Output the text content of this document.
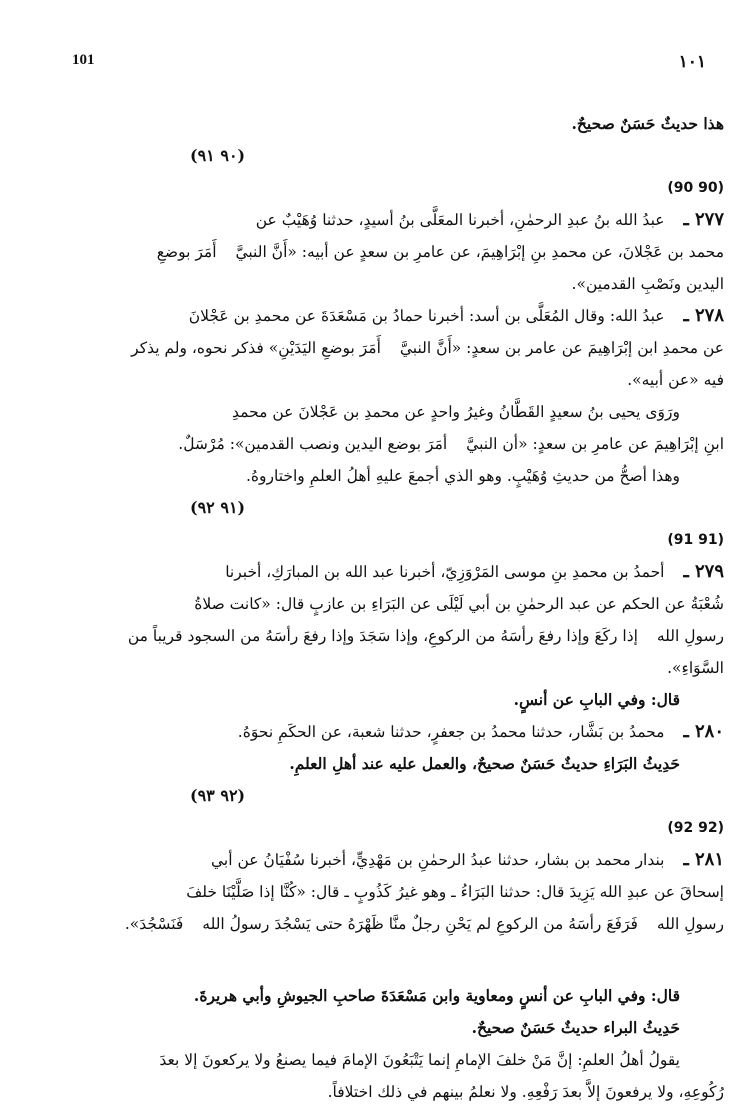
101	١٠١

هذا حديثٌ حَسَنٌ صحيحٌ.

(٩٠ ٩١)
(90 90)

٢٧٧ ـ عبدُ الله بنُ عبدِ الرحمٰنِ، أخبرنا المعَلَّى بنُ أسيدٍ، حدثنا وُهَيْبٌ عن

محمد بن عَجْلانَ، عن محمدِ بنِ إبْرَاهِيمَ، عن عامرِ بن سعدٍ عن أبيه: «أَنَّ النبيَّ أَمَرَ بوضعِ

اليدين ونَصْبِ القدمين».

٢٧٨ ـ عبدُ الله: وقال المُعَلَّى بن أسد: أخبرنا حمادُ بن مَسْعَدَةَ عن محمدِ بن عَجْلانَ

عن محمدِ ابن إبْرَاهِيمَ عن عامر بن سعدٍ: «أَنَّ النبيَّ أَمَرَ بوضعِ اليَدَيْنِ» فذكر نحوه، ولم يذكر

فيه «عن أبيه».

ورَوَى يحيى بنُ سعيدٍ القَطَّانُ وغيرُ واحدٍ عن محمدِ بن عَجْلانَ عن محمدِ

ابنِ إبْرَاهِيمَ عن عامرِ بن سعدٍ: «أن النبيَّ أمَرَ بوضع اليدين ونصب القدمين»: مُرْسَلٌ.

وهذا أصحُّ من حديثِ وُهَيْبٍ. وهو الذي أجمعَ عليهِ أهلُ العلمِ واختاروهُ.

(٩١ ٩٢)
(91 91)

٢٧٩ ـ أحمدُ بن محمدِ بنِ موسى المَرْوَزِيّ، أخبرنا عبد الله بن المبارَكِ، أخبرنا

شُعْبَةُ عن الحكم عن عبد الرحمٰنِ بن أبي لَيْلَى عن البَرَاءِ بن عازبٍ قال: «كانت صلاةُ

رسولِ الله إذا ركَعَ وإذا رفعَ رأسَهُ من الركوعِ، وإذا سَجَدَ وإذا رفعَ رأسَهُ من السجود قريباً من

السَّوَاءِ».

قال: وفي البابِ عن أنسٍ.

٢٨٠ ـ محمدُ بن بَشَّار، حدثنا محمدُ بن جعفرٍ، حدثنا شعبة، عن الحكَمِ نحوَهُ.

حَدِيثُ البَرَاءِ حديثٌ حَسَنٌ صحيحٌ، والعمل عليه عند أهلِ العلمِ.

(٩٢ ٩٣)
(92 92)

٢٨١ ـ بندار محمد بن بشار، حدثنا عبدُ الرحمٰنِ بن مَهْدِيٍّ، أخبرنا سُفْيَانُ عن أبي

إسحاقَ عن عبدِ الله يَزِيدَ قال: حدثنا البَرَاءُ ـ وهو غيرُ كَذُوبٍ ـ قال: «كُنَّا إذا صَلَّيْنَا خلفَ

رسولِ الله فَرَفَعَ رأسَهُ من الركوعِ لم يَحْنِ رجلٌ منَّا ظَهْرَهُ حتى يَسْجُدَ رسولُ الله فَنَسْجُدَ».

قال: وفي البابِ عن أنسٍ ومعاوية وابن مَسْعَدَةَ صاحبِ الجيوشِ وأبي هريرةَ.

حَدِيثُ البراء حديثٌ حَسَنٌ صحيحٌ.

يقولُ أهلُ العلمِ: إنَّ مَنْ خلفَ الإمامِ إنما يَتْبَعُونَ الإمامَ فيما يصنعُ ولا يركعونَ إلا بعدَ

رُكُوعِهِ، ولا يرفعونَ إلاَّ بعدَ رَفْعِهِ. ولا نعلمُ بينهم في ذلك اختلافاً.
